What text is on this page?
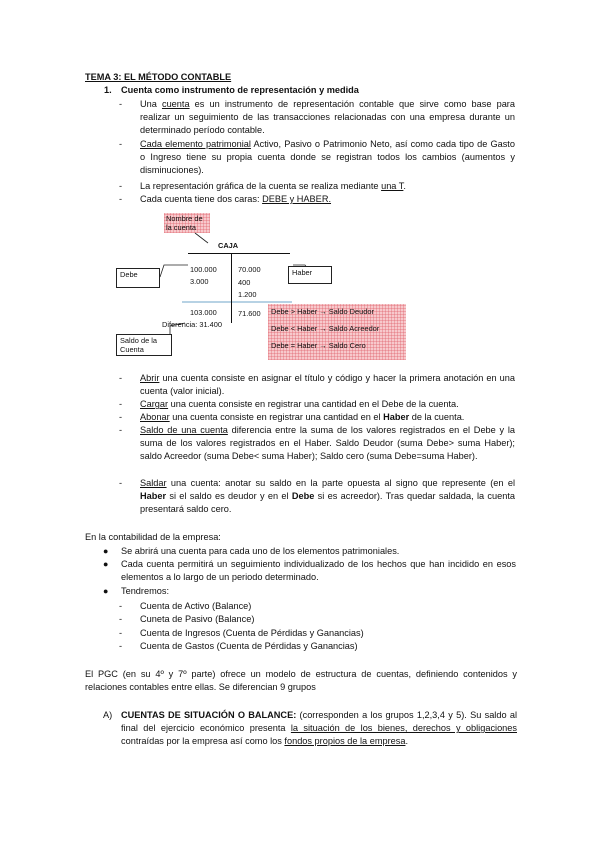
TEMA 3: EL MÉTODO CONTABLE
1. Cuenta como instrumento de representación y medida
- Una cuenta es un instrumento de representación contable que sirve como base para realizar un seguimiento de las transacciones relacionadas con una empresa durante un determinado período contable.
- Cada elemento patrimonial Activo, Pasivo o Patrimonio Neto, así como cada tipo de Gasto o Ingreso tiene su propia cuenta donde se registran todos los cambios (aumentos y disminuciones).
- La representación gráfica de la cuenta se realiza mediante una T.
- Cada cuenta tiene dos caras: DEBE y HABER.
Nombre de la cuenta
CAJA
Debe	Haber
100.000
3.000
70.000
400
1.200
103.000	71.600
Diferencia: 31.400
Saldo de la Cuenta
Debe > Haber → Saldo Deudor
Debe < Haber → Saldo Acreedor
Debe = Haber → Saldo Cero
- Abrir una cuenta consiste en asignar el título y código y hacer la primera anotación en una cuenta (valor inicial).
- Cargar una cuenta consiste en registrar una cantidad en el Debe de la cuenta.
- Abonar una cuenta consiste en registrar una cantidad en el Haber de la cuenta.
- Saldo de una cuenta diferencia entre la suma de los valores registrados en el Debe y la suma de los valores registrados en el Haber. Saldo Deudor (suma Debe> suma Haber); saldo Acreedor (suma Debe< suma Haber); Saldo cero (suma Debe=suma Haber).
- Saldar una cuenta: anotar su saldo en la parte opuesta al signo que represente (en el Haber si el saldo es deudor y en el Debe si es acreedor). Tras quedar saldada, la cuenta presentará saldo cero.
En la contabilidad de la empresa:
● Se abrirá una cuenta para cada uno de los elementos patrimoniales.
● Cada cuenta permitirá un seguimiento individualizado de los hechos que han incidido en esos elementos a lo largo de un periodo determinado.
● Tendremos:
- Cuenta de Activo (Balance)
- Cuneta de Pasivo (Balance)
- Cuenta de Ingresos (Cuenta de Pérdidas y Ganancias)
- Cuenta de Gastos (Cuenta de Pérdidas y Ganancias)
El PGC (en su 4º y 7º parte) ofrece un modelo de estructura de cuentas, definiendo contenidos y relaciones contables entre ellas. Se diferencian 9 grupos
A) CUENTAS DE SITUACIÓN O BALANCE: (corresponden a los grupos 1,2,3,4 y 5). Su saldo al final del ejercicio económico presenta la situación de los bienes, derechos y obligaciones contraídas por la empresa así como los fondos propios de la empresa.
